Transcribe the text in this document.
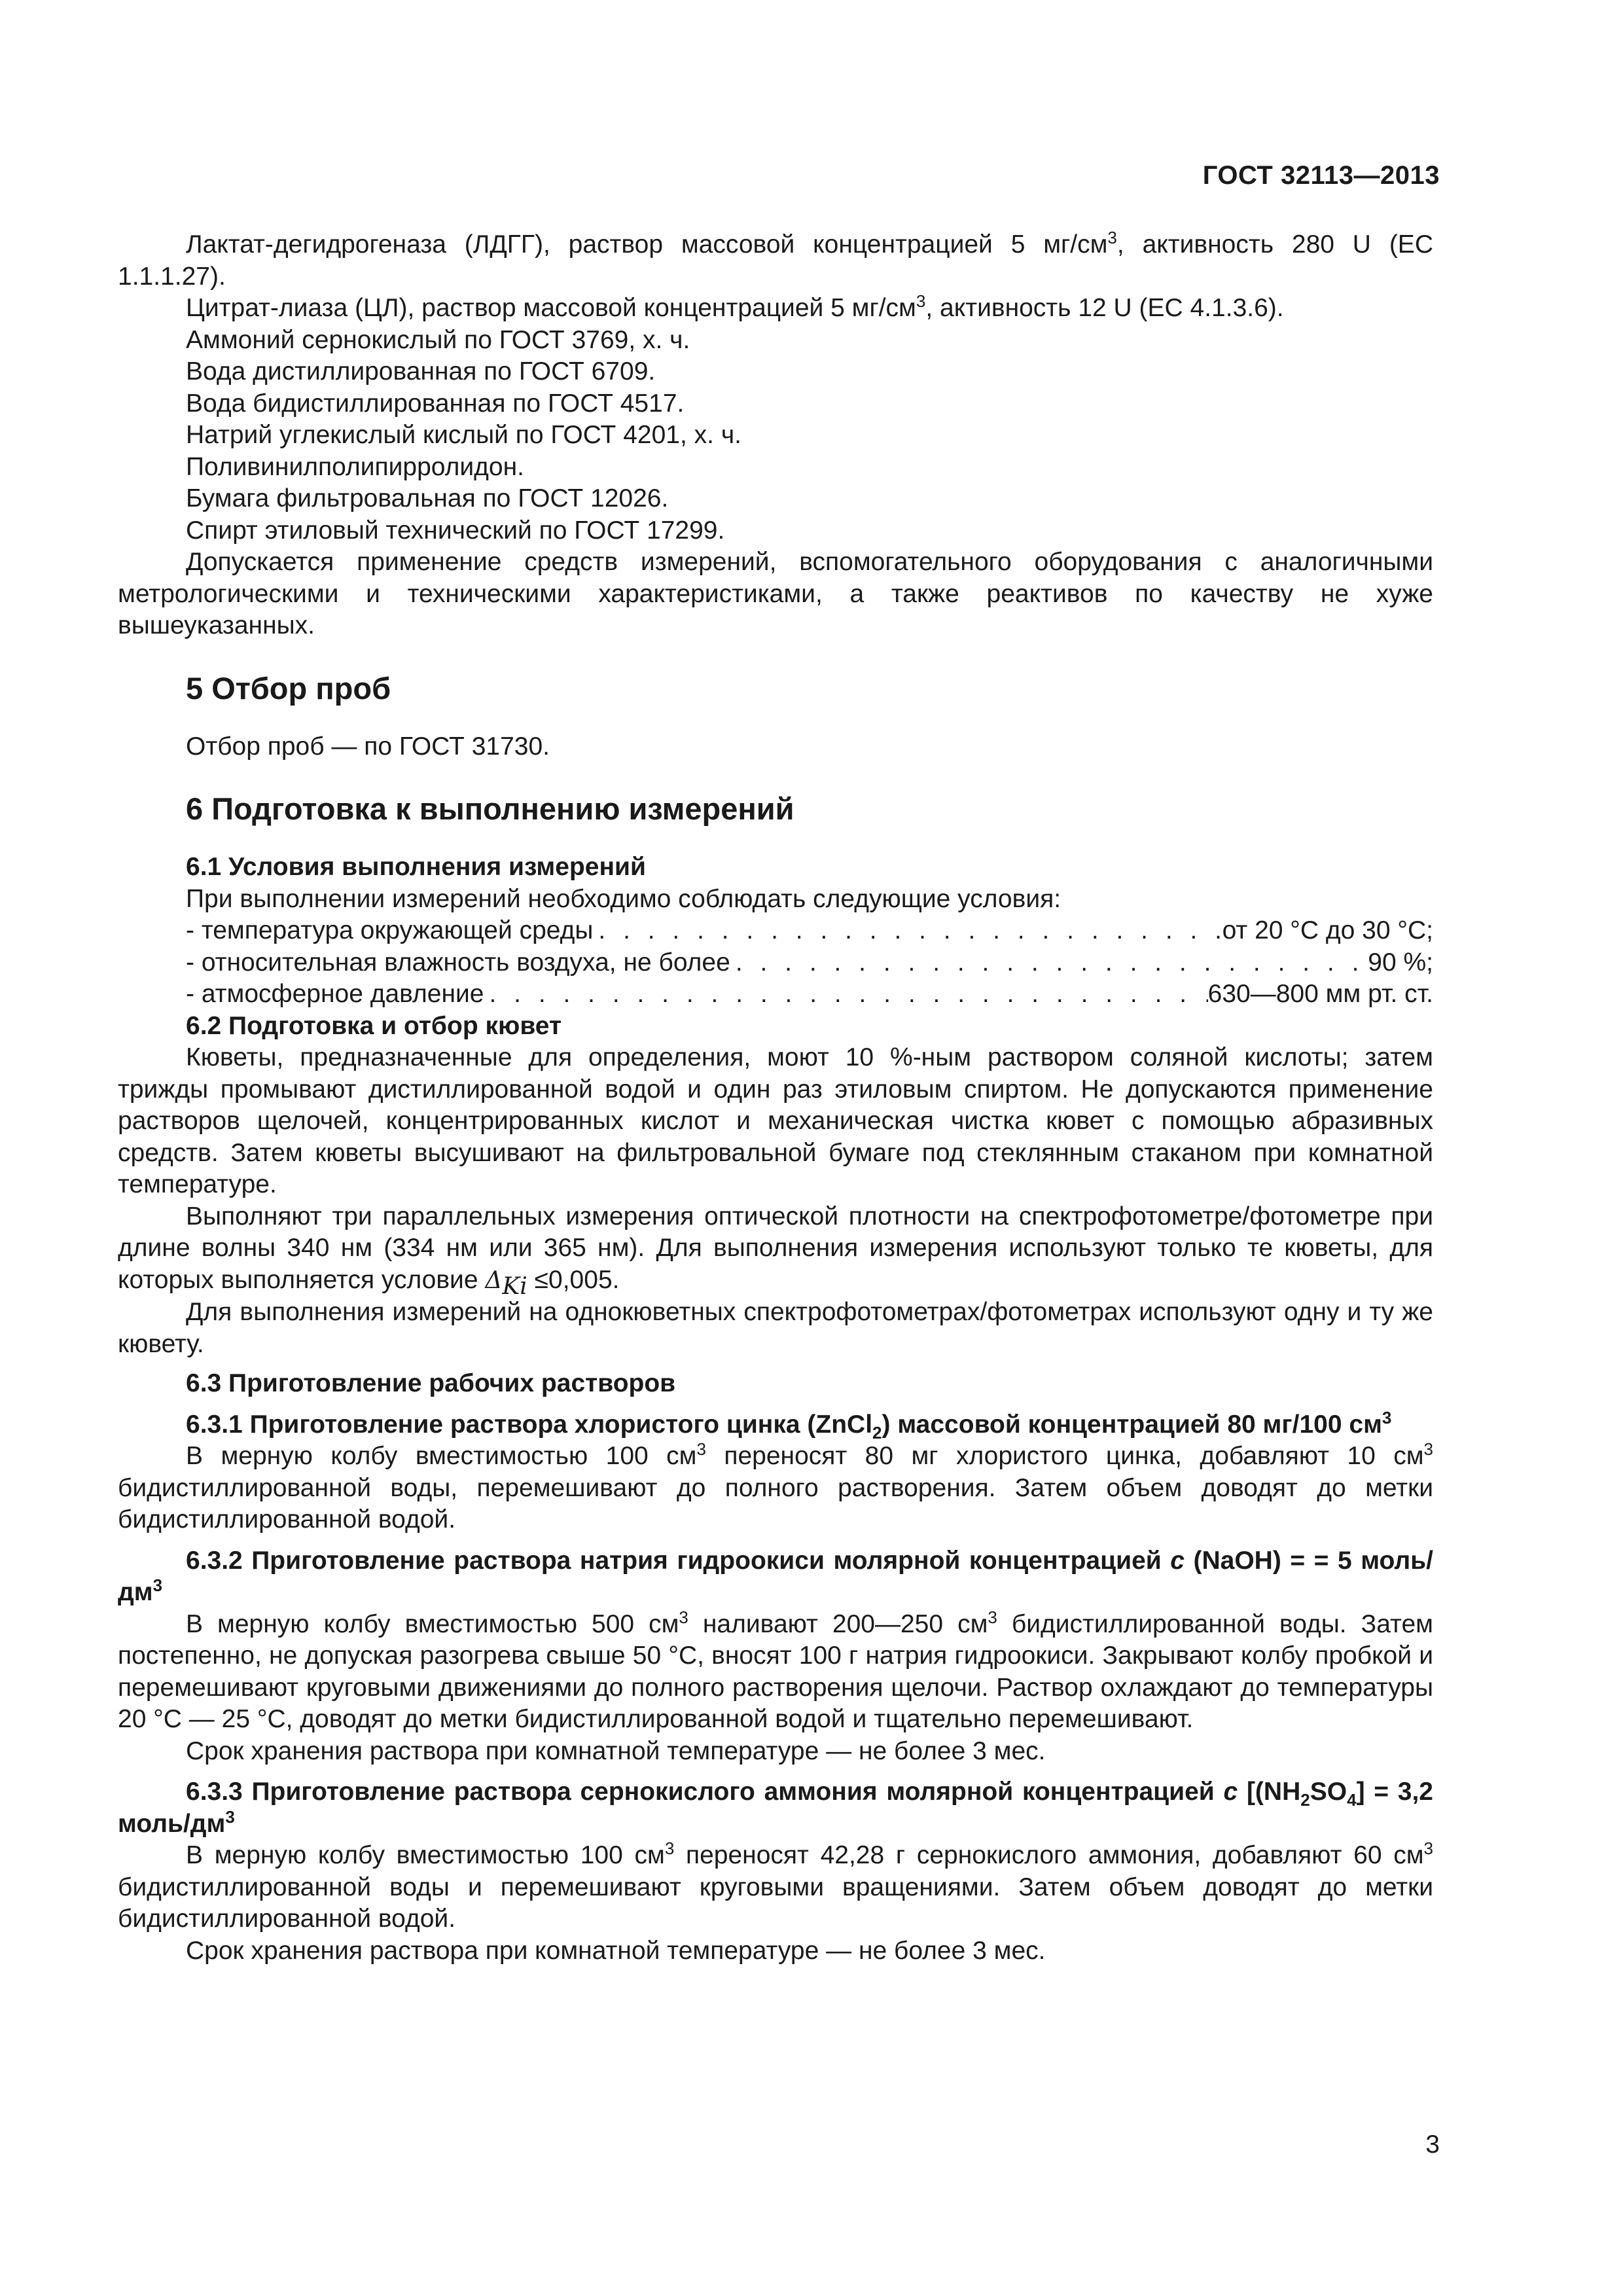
ГОСТ 32113—2013

Лактат-дегидрогеназа (ЛДГГ), раствор массовой концентрацией 5 $мг/см^3$, активность 280 U (EC 1.1.1.27).

Цитрат-лиаза (ЦЛ), раствор массовой концентрацией 5 $мг/см^3$, активность 12 U (EC 4.1.3.6).

Аммоний сернокислый по ГОСТ 3769, х. ч.

Вода дистиллированная по ГОСТ 6709.

Вода бидистиллированная по ГОСТ 4517.

Натрий углекислый кислый по ГОСТ 4201, х. ч.

Поливинилполипирролидон.

Бумага фильтровальная по ГОСТ 12026.

Спирт этиловый технический по ГОСТ 17299.

Допускается применение средств измерений, вспомогательного оборудования с аналогичными метрологическими и техническими характеристиками, а также реактивов по качеству не хуже вышеуказанных.

5 Отбор проб

Отбор проб — по ГОСТ 31730.

6 Подготовка к выполнению измерений
6.1 Условия выполнения измерений

При выполнении измерений необходимо соблюдать следующие условия:

- температура окружающей среды . . .	от 20 °C до 30 °C;
- относительная влажность воздуха, не более . . .	90 %;
- атмосферное давление . . .	630—800 мм рт. ст.
6.2 Подготовка и отбор кювет

Кюветы, предназначенные для определения, моют 10 %-ным раствором соляной кислоты; затем трижды промывают дистиллированной водой и один раз этиловым спиртом. Не допускаются применение растворов щелочей, концентрированных кислот и механическая чистка кювет с помощью абразивных средств. Затем кюветы высушивают на фильтровальной бумаге под стеклянным стаканом при комнатной температуре.

Выполняют три параллельных измерения оптической плотности на спектрофотометре/фотометре при длине волны 340 нм (334 нм или 365 нм). Для выполнения измерения используют только те кюветы, для которых выполняется условие $\Delta_{Ki} \le 0,005$.

Для выполнения измерений на однокюветных спектрофотометрах/фотометрах используют одну и ту же кювету.

6.3 Приготовление рабочих растворов

6.3.1 Приготовление раствора хлористого цинка (ZnCl$_2$) массовой концентрацией 80 мг/100 $см^3$

В мерную колбу вместимостью 100 $см^3$ переносят 80 мг хлористого цинка, добавляют 10 $см^3$ бидистиллированной воды, перемешивают до полного растворения. Затем объем доводят до метки бидистиллированной водой.

6.3.2 Приготовление раствора натрия гидроокиси молярной концентрацией c (NaOH) = = 5 моль/$дм^3$

В мерную колбу вместимостью 500 $см^3$ наливают 200—250 $см^3$ бидистиллированной воды. Затем постепенно, не допуская разогрева свыше 50 °C, вносят 100 г натрия гидроокиси. Закрывают колбу пробкой и перемешивают круговыми движениями до полного растворения щелочи. Раствор охлаждают до температуры 20 °C — 25 °C, доводят до метки бидистиллированной водой и тщательно перемешивают.

Срок хранения раствора при комнатной температуре — не более 3 мес.

6.3.3 Приготовление раствора сернокислого аммония молярной концентрацией c [$(NH_2SO_4] = 3,2$ моль/$дм^3$

В мерную колбу вместимостью 100 $см^3$ переносят 42,28 г сернокислого аммония, добавляют 60 $см^3$ бидистиллированной воды и перемешивают круговыми вращениями. Затем объем доводят до метки бидистиллированной водой.

Срок хранения раствора при комнатной температуре — не более 3 мес.

3
